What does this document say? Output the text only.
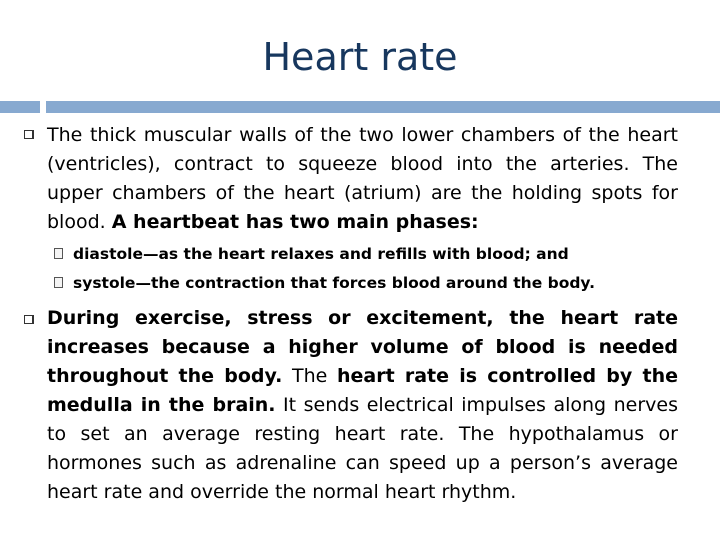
Heart rate

The thick muscular walls of the two lower chambers of the heart (ventricles), contract to squeeze blood into the arteries. The upper chambers of the heart (atrium) are the holding spots for blood. A heartbeat has two main phases:

diastole—as the heart relaxes and refills with blood; and

systole—the contraction that forces blood around the body.

During exercise, stress or excitement, the heart rate increases because a higher volume of blood is needed throughout the body. The heart rate is controlled by the medulla in the brain. It sends electrical impulses along nerves to set an average resting heart rate. The hypothalamus or hormones such as adrenaline can speed up a person’s average heart rate and override the normal heart rhythm.
